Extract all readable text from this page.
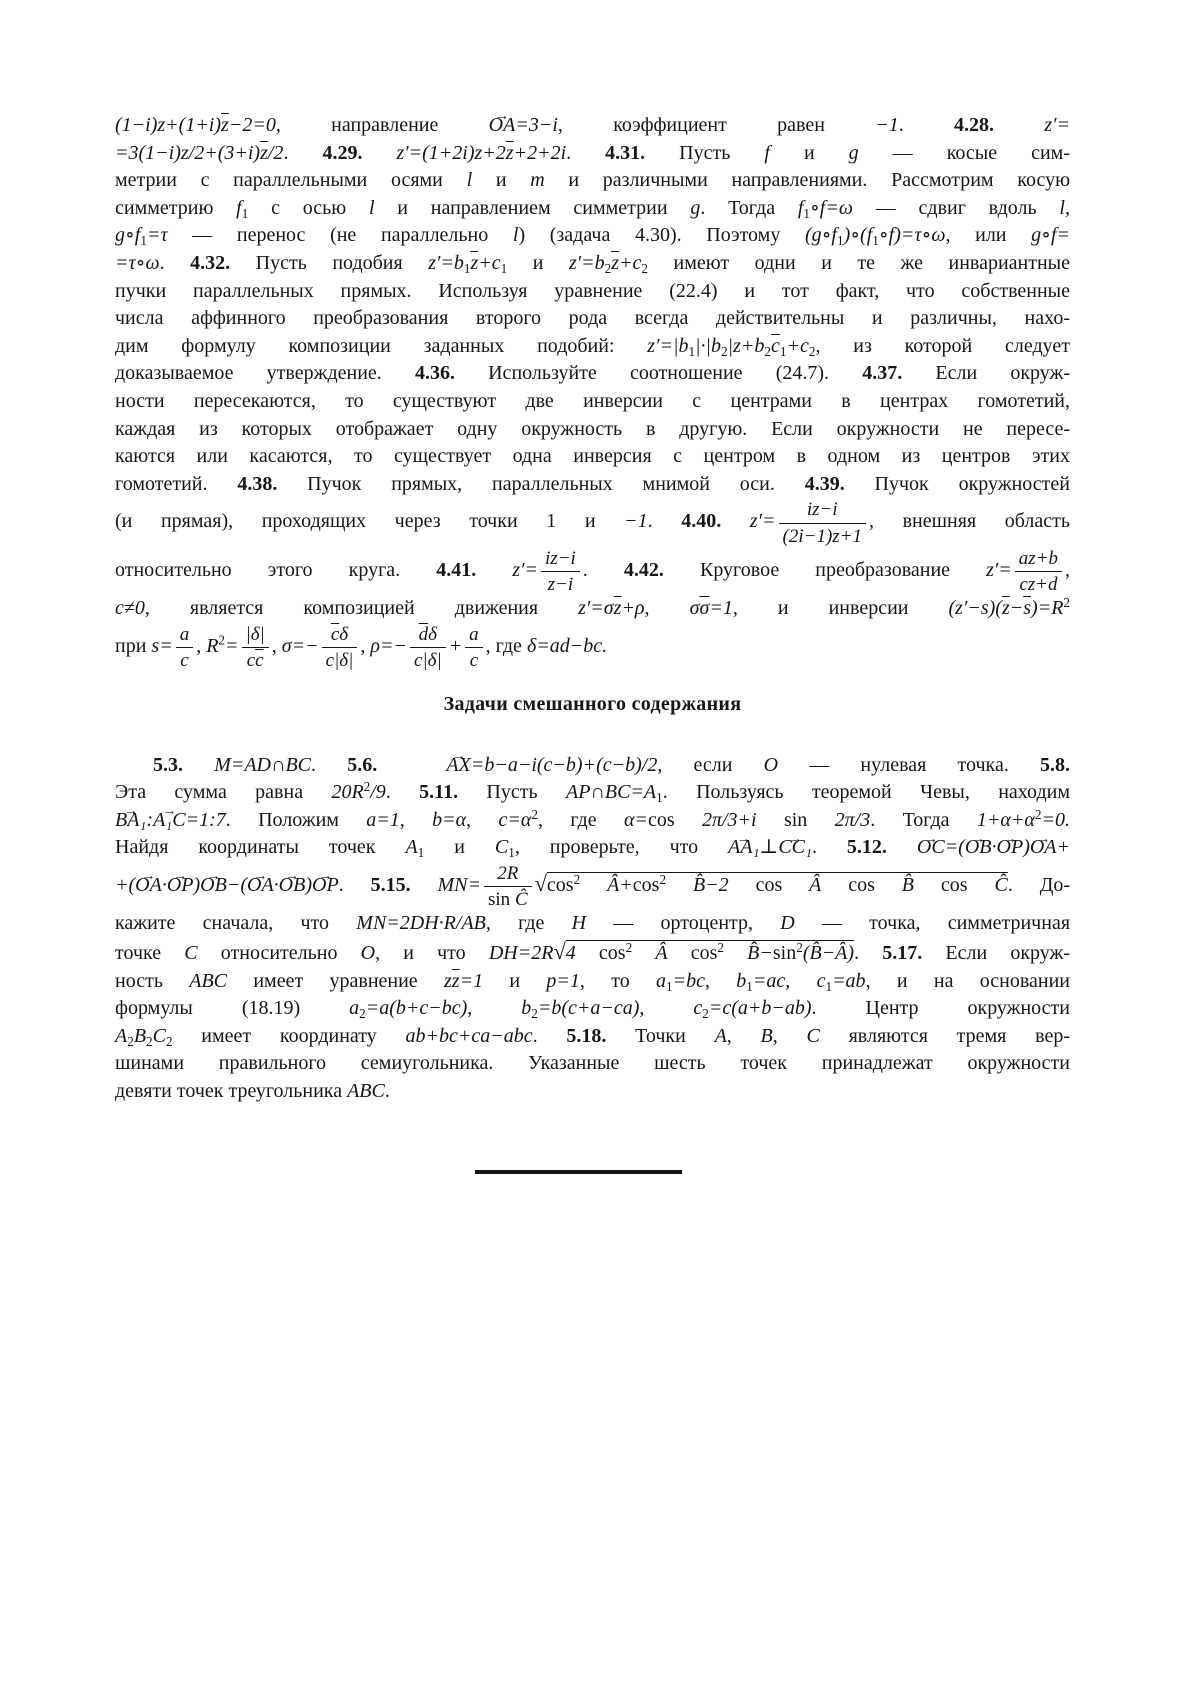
$(1-i)z+(1+i)\overline{z}-2=0$, направление → OA=3−i, коэффициент равен −1. 4.28.	z′=
$=3(1-i)z/2+(3+i)\overline{z}/2$. 4.29. $z'=(1+2i)z+2\overline{z}+2+2i$. 4.31. Пусть f и g — косые сим-
метрии с параллельными осями l и m и различными направлениями. Рассмотрим косую
симметрию $f_1$ с осью l и направлением симметрии g. Тогда $f_1\circ f=\omega$ — сдвиг вдоль l,
$g\circ f_1=\tau$ — перенос (не параллельно l) (задача 4.30). Поэтому $(g\circ f_1)\circ(f_1\circ f)=\tau\circ\omega$, или g∘f=
=τ∘ω. 4.32. Пусть подобия $z'=b_1\overline{z}+c_1$ и $z'=b_2\overline{z}+c_2$ имеют одни и те же инвариантные
пучки параллельных прямых. Используя уравнение (22.4) и тот факт, что собственные
числа аффинного преобразования второго рода всегда действительны и различны, нахо-
дим формулу композиции заданных подобий: $z'=|b_1|\cdot|b_2|z+b_2\overline{c}_1+c_2$, из которой следует
доказываемое утверждение. 4.36. Используйте соотношение (24.7). 4.37. Если окруж-
ности пересекаются, то существуют две инверсии с центрами в центрах гомотетий,
каждая из которых отображает одну окружность в другую. Если окружности не пересе-
каются или касаются, то существует одна инверсия с центром в одном из центров этих
гомотетий. 4.38. Пучок прямых, параллельных мнимой оси. 4.39. Пучок окружностей
(и прямая), проходящих через точки 1 и −1. 4.40. $z'= \frac{iz-i}{(2i-1)z+1}$ , внешняя область
относительно этого круга. 4.41. $z'= \frac{iz-i}{z-i}$ . 4.42. Круговое преобразование $z'= \frac{az+b}{cz+d}$ ,
c≠0, является композицией движения $z'=\sigma\overline{z}+\rho$, $\sigma\overline{\sigma}=1$, и инверсии $(z'-s)(\overline{z}-\overline{s})=R^2$
при $s= \frac{a}{c}$ , $R^2= \frac{|\delta|}{c\overline{c}}$ , $\sigma=- \frac{\overline{c}\delta}{c|\delta|}$ , $\rho=- \frac{\overline{d}\delta}{c|\delta|} + \frac{a}{c}$ , где δ=ad−bc.
Задачи смешанного содержания
5.3. M=AD∩BC. 5.6.	→ AX=b−a−i(c−b)+(c−b)/2, если O — нулевая точка. 5.8.
Эта сумма равна $20R^2/9$. 5.11. Пусть $AP\cap BC=A_1$. Пользуясь теоремой Чевы, находим
→ BA₁:→ A₁C=1:7. Положим a=1, b=α, $c=\alpha^2$, где α=cos 2π/3+i sin 2π/3. Тогда $1+\alpha+\alpha^2=0$.
Найдя координаты точек $A_1$ и $C_1$, проверьте, что → AA₁⊥→ CC₁. 5.12. → OC=(→ OB·→ OP)→ OA+
+(→ OA·→ OP)→ OB−(→ OA·→ OB)→ OP. 5.15. $MN= \frac{2R}{\text{sin Ĉ}} √\cos^2$ $Â+\cos^2$ B̂−2 cos Â cos B̂ cos Ĉ. До-
кажите сначала, что MN=2DH·R/AB, где H — ортоцентр, D — точка, симметричная
точке C относительно O, и что DH=2R√4 $\cos^2$ Â $\cos^2$ $B̂-\sin^2(B̂-Â)$. 5.17. Если окруж-
ность ABC имеет уравнение $z\overline{z}=1$ и p=1, то $a_1=bc$, $b_1=ac$, $c_1=ab$, и на основании
формулы (18.19) $a_2=a(b+c-bc)$, $b_2=b(c+a-ca)$, $c_2=c(a+b-ab)$. Центр окружности
$A_2B_2C_2$ имеет координату ab+bc+ca−abc. 5.18. Точки A, B, C являются тремя вер-
шинами правильного семиугольника. Указанные шесть точек принадлежат окружности
девяти точек треугольника ABC.
